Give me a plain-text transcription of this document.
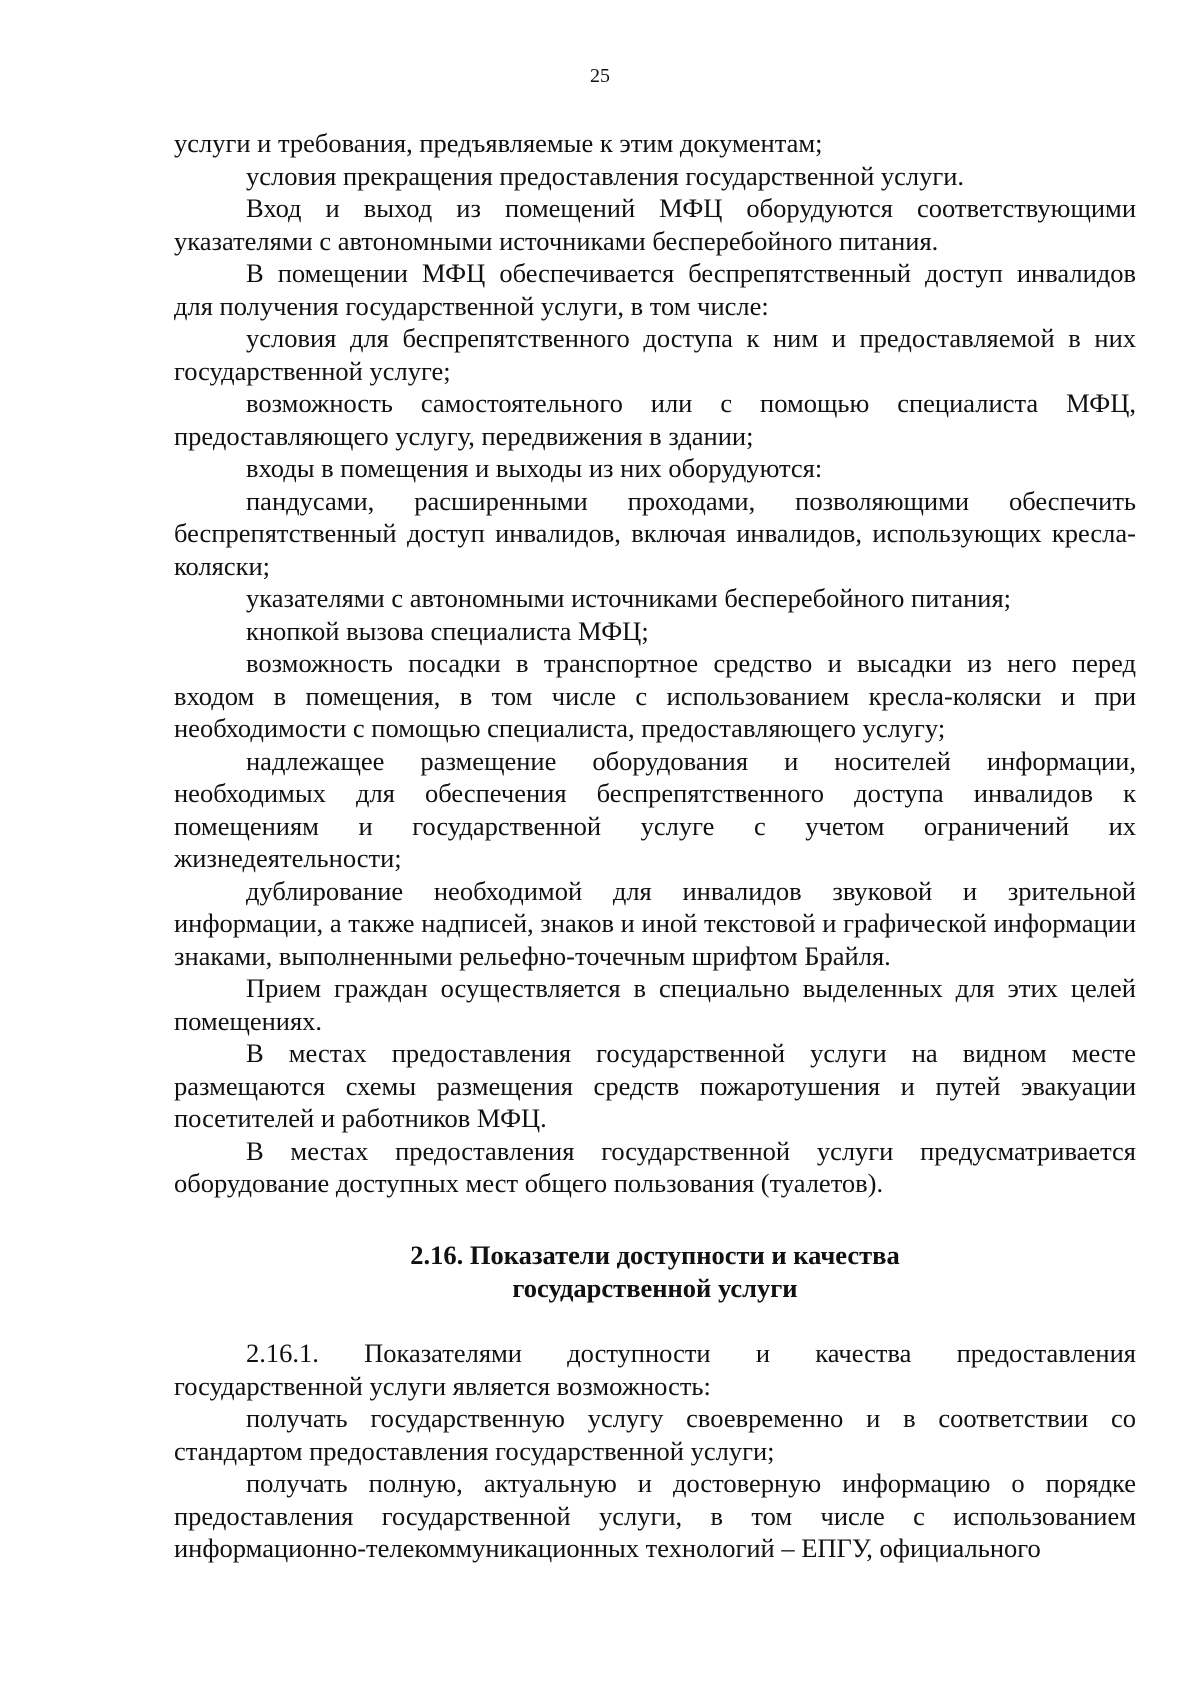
25

услуги и требования, предъявляемые к этим документам;

условия прекращения предоставления государственной услуги.

Вход и выход из помещений МФЦ оборудуются соответствующими указателями с автономными источниками бесперебойного питания.

В помещении МФЦ обеспечивается беспрепятственный доступ инвалидов для получения государственной услуги, в том числе:

условия для беспрепятственного доступа к ним и предоставляемой в них государственной услуге;

возможность самостоятельного или с помощью специалиста МФЦ, предоставляющего услугу, передвижения в здании;

входы в помещения и выходы из них оборудуются:

пандусами, расширенными проходами, позволяющими обеспечить беспрепятственный доступ инвалидов, включая инвалидов, использующих кресла-коляски;

указателями с автономными источниками бесперебойного питания;

кнопкой вызова специалиста МФЦ;

возможность посадки в транспортное средство и высадки из него перед входом в помещения, в том числе с использованием кресла-коляски и при необходимости с помощью специалиста, предоставляющего услугу;

надлежащее размещение оборудования и носителей информации, необходимых для обеспечения беспрепятственного доступа инвалидов к помещениям и государственной услуге с учетом ограничений их жизнедеятельности;

дублирование необходимой для инвалидов звуковой и зрительной информации, а также надписей, знаков и иной текстовой и графической информации знаками, выполненными рельефно-точечным шрифтом Брайля.

Прием граждан осуществляется в специально выделенных для этих целей помещениях.

В местах предоставления государственной услуги на видном месте размещаются схемы размещения средств пожаротушения и путей эвакуации посетителей и работников МФЦ.

В местах предоставления государственной услуги предусматривается оборудование доступных мест общего пользования (туалетов).

2.16. Показатели доступности и качества
государственной услуги

2.16.1. Показателями доступности и качества предоставления государственной услуги является возможность:

получать государственную услугу своевременно и в соответствии со стандартом предоставления государственной услуги;

получать полную, актуальную и достоверную информацию о порядке предоставления государственной услуги, в том числе с использованием информационно-телекоммуникационных технологий – ЕПГУ, официального
